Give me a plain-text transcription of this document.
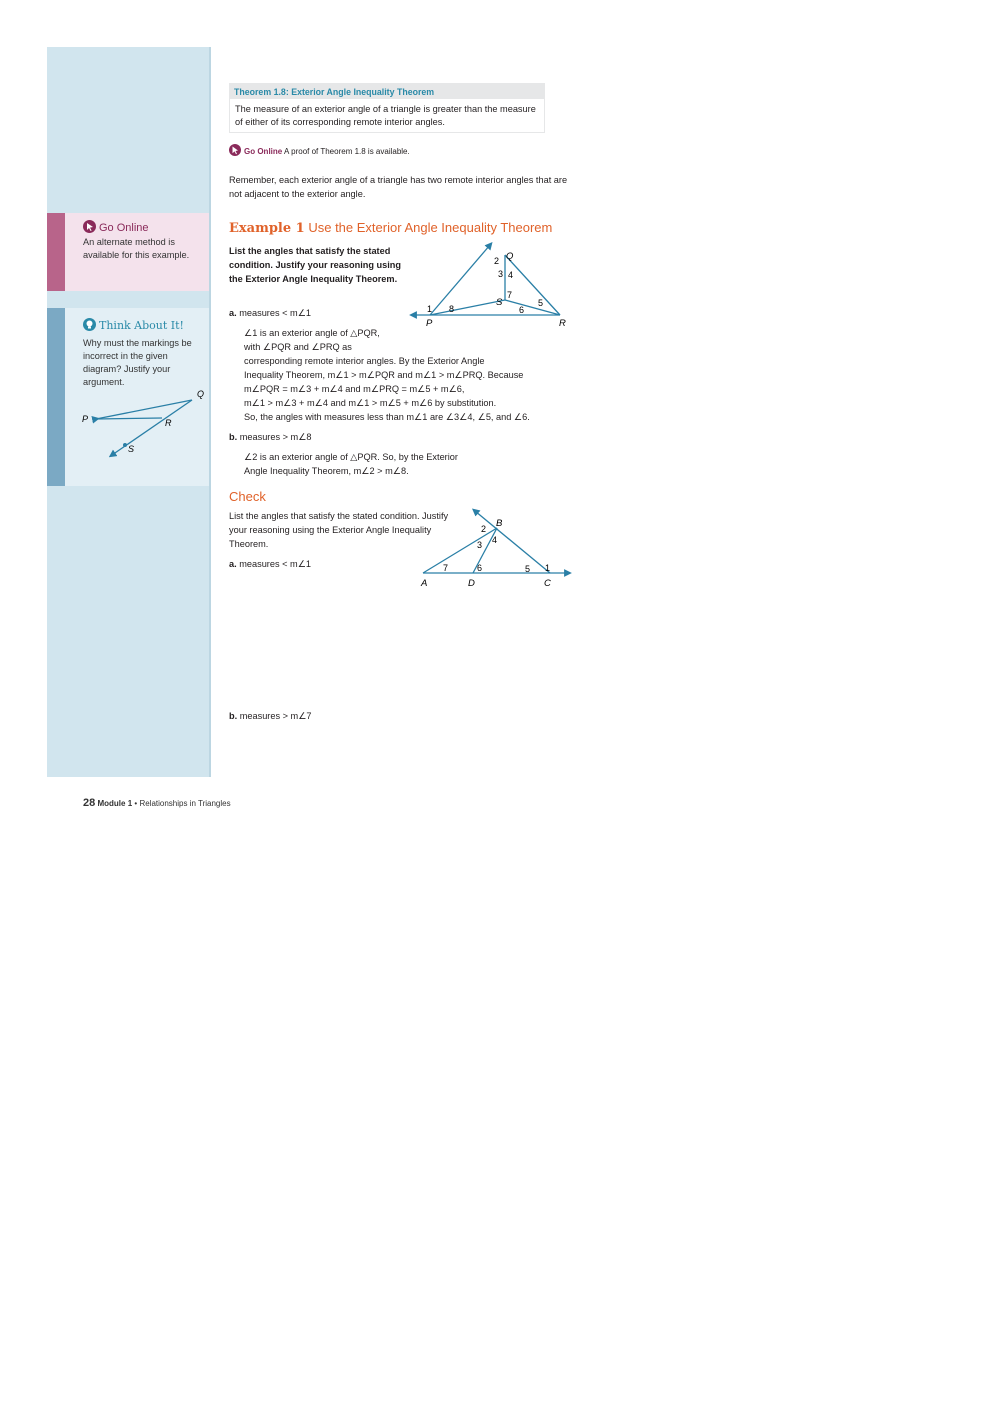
Go Online
An alternate method is available for this example.
Think About It!
Why must the markings be incorrect in the given diagram? Justify your argument.
Q
P	R
S
Theorem 1.8: Exterior Angle Inequality Theorem
The measure of an exterior angle of a triangle is greater than the measure of either of its corresponding remote interior angles.
Go Online A proof of Theorem 1.8 is available.
Remember, each exterior angle of a triangle has two remote interior angles that are not adjacent to the exterior angle.
Example 1 Use the Exterior Angle Inequality Theorem
List the angles that satisfy the stated condition. Justify your reasoning using the Exterior Angle Inequality Theorem.
Q
P	R
S
1
2
3 4
5
6
7
8
a. measures < m∠1
∠1 is an exterior angle of △PQR,
with ∠PQR and ∠PRQ as
corresponding remote interior angles. By the Exterior Angle
Inequality Theorem, m∠1 > m∠PQR and m∠1 > m∠PRQ. Because
m∠PQR = m∠3 + m∠4 and m∠PRQ = m∠5 + m∠6,
m∠1 > m∠3 + m∠4 and m∠1 > m∠5 + m∠6 by substitution.
So, the angles with measures less than m∠1 are ∠3∠4, ∠5, and ∠6.
b. measures > m∠8
∠2 is an exterior angle of △PQR. So, by the Exterior
Angle Inequality Theorem, m∠2 > m∠8.
Check
List the angles that satisfy the stated condition. Justify your reasoning using the Exterior Angle Inequality Theorem.
B
A	D	C
1
2
3 4
5
6
7
a. measures < m∠1
b. measures > m∠7
28 Module 1 • Relationships in Triangles
